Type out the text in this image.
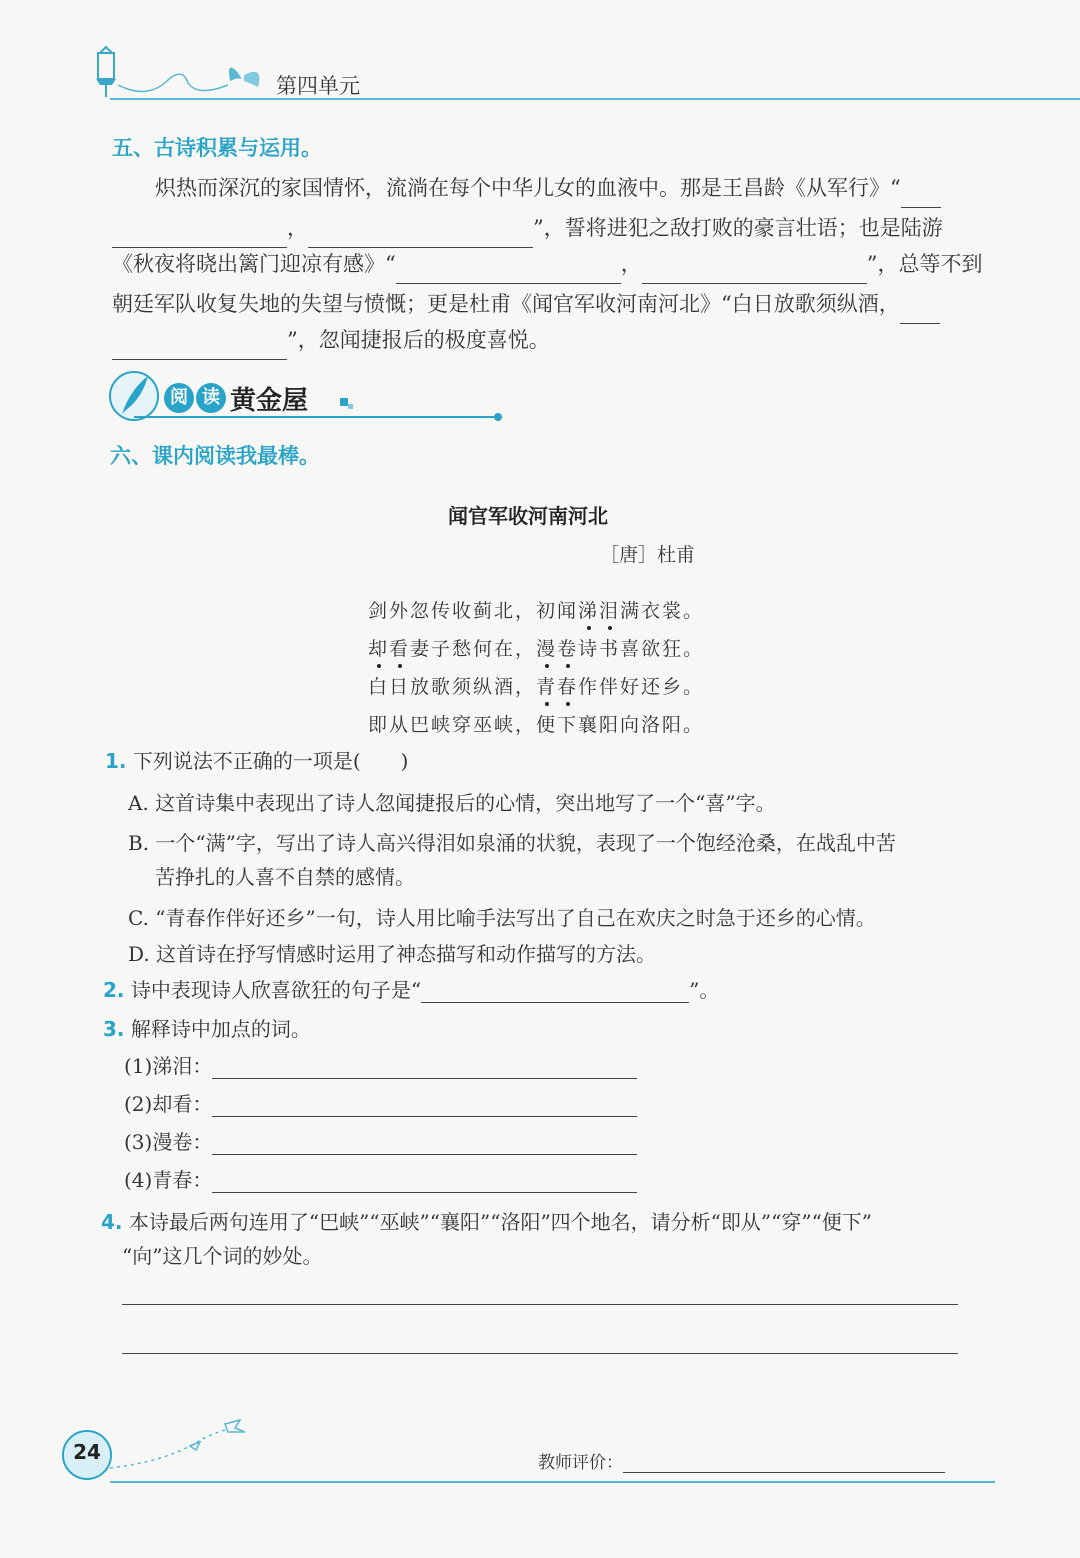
第四单元
五、古诗积累与运用。
炽热而深沉的家国情怀，流淌在每个中华儿女的血液中。那是王昌龄《从军行》“
，	”，誓将进犯之敌打败的豪言壮语；也是陆游
《秋夜将晓出篱门迎凉有感》“	，	”，总等不到
朝廷军队收复失地的失望与愤慨；更是杜甫《闻官军收河南河北》“白日放歌须纵酒，
”，忽闻捷报后的极度喜悦。
阅 读 黄金屋
六、课内阅读我最棒。
闻官军收河南河北
［唐］杜甫
剑外忽传收蓟北，初闻涕泪满衣裳。
却看妻子愁何在，漫卷诗书喜欲狂。
白日放歌须纵酒，青春作伴好还乡。
即从巴峡穿巫峡，便下襄阳向洛阳。
1. 下列说法不正确的一项是(　　)
A. 这首诗集中表现出了诗人忽闻捷报后的心情，突出地写了一个“喜”字。
B. 一个“满”字，写出了诗人高兴得泪如泉涌的状貌，表现了一个饱经沧桑，在战乱中苦
苦挣扎的人喜不自禁的感情。
C. “青春作伴好还乡”一句，诗人用比喻手法写出了自己在欢庆之时急于还乡的心情。
D. 这首诗在抒写情感时运用了神态描写和动作描写的方法。
2. 诗中表现诗人欣喜欲狂的句子是“	”。
3. 解释诗中加点的词。
(1)涕泪：
(2)却看：
(3)漫卷：
(4)青春：
4. 本诗最后两句连用了“巴峡”“巫峡”“襄阳”“洛阳”四个地名，请分析“即从”“穿”“便下”
“向”这几个词的妙处。
24	教师评价：
